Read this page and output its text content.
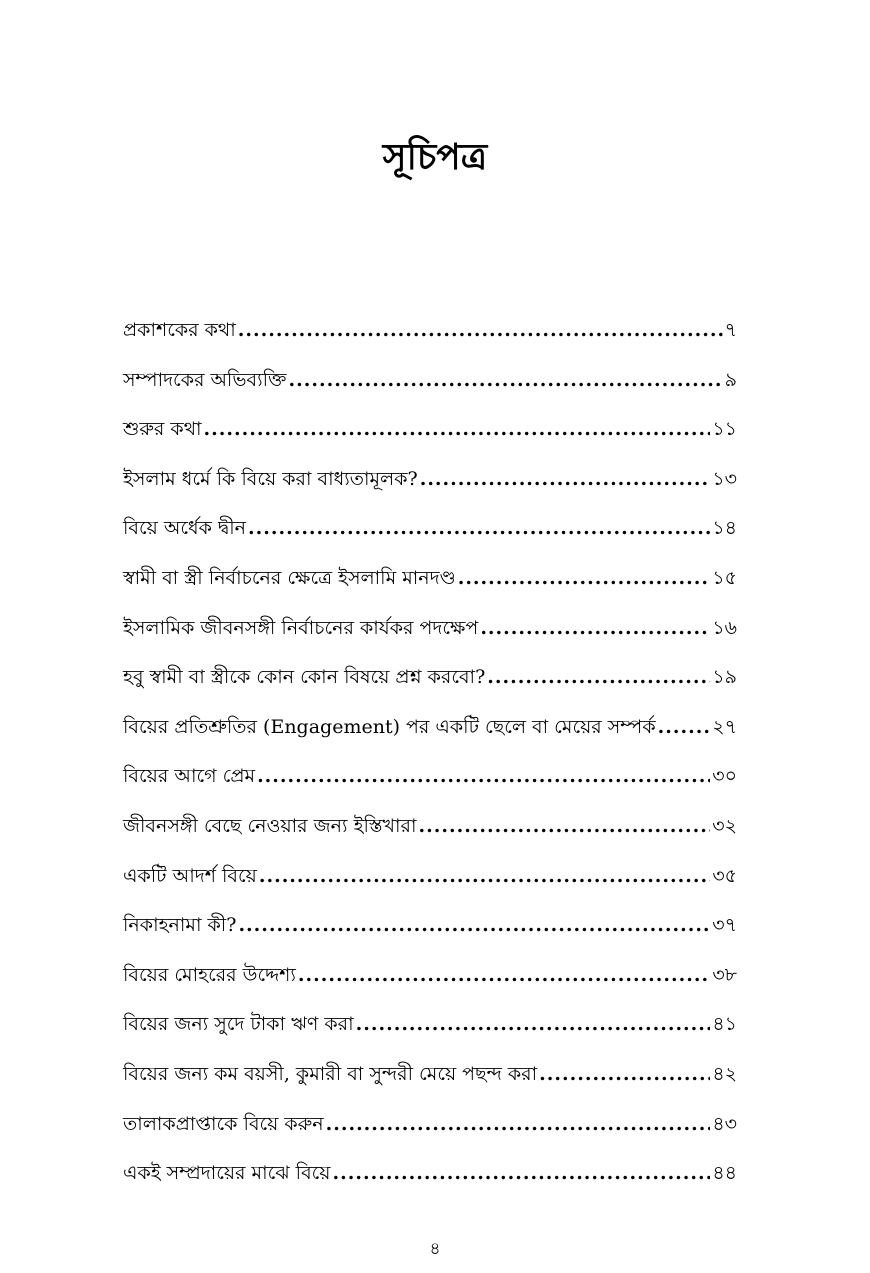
সূচিপত্র
প্রকাশকের কথা .....	৭
সম্পাদকের অভিব্যক্তি .....	৯
শুরুর কথা .....	১১
ইসলাম ধর্মে কি বিয়ে করা বাধ্যতামূলক? .....	১৩
বিয়ে অর্ধেক দ্বীন .....	১৪
স্বামী বা স্ত্রী নির্বাচনের ক্ষেত্রে ইসলামি মানদণ্ড .....	১৫
ইসলামিক জীবনসঙ্গী নির্বাচনের কার্যকর পদক্ষেপ .....	১৬
হবু স্বামী বা স্ত্রীকে কোন কোন বিষয়ে প্রশ্ন করবো? .....	১৯
বিয়ের প্রতিশ্রুতির (Engagement) পর একটি ছেলে বা মেয়ের সম্পর্ক .....	২৭
বিয়ের আগে প্রেম .....	৩০
জীবনসঙ্গী বেছে নেওয়ার জন্য ইস্তিখারা .....	৩২
একটি আদর্শ বিয়ে .....	৩৫
নিকাহনামা কী? .....	৩৭
বিয়ের মোহরের উদ্দেশ্য .....	৩৮
বিয়ের জন্য সুদে টাকা ঋণ করা .....	৪১
বিয়ের জন্য কম বয়সী, কুমারী বা সুন্দরী মেয়ে পছন্দ করা .....	৪২
তালাকপ্রাপ্তাকে বিয়ে করুন .....	৪৩
একই সম্প্রদায়ের মাঝে বিয়ে .....	৪৪
৪
